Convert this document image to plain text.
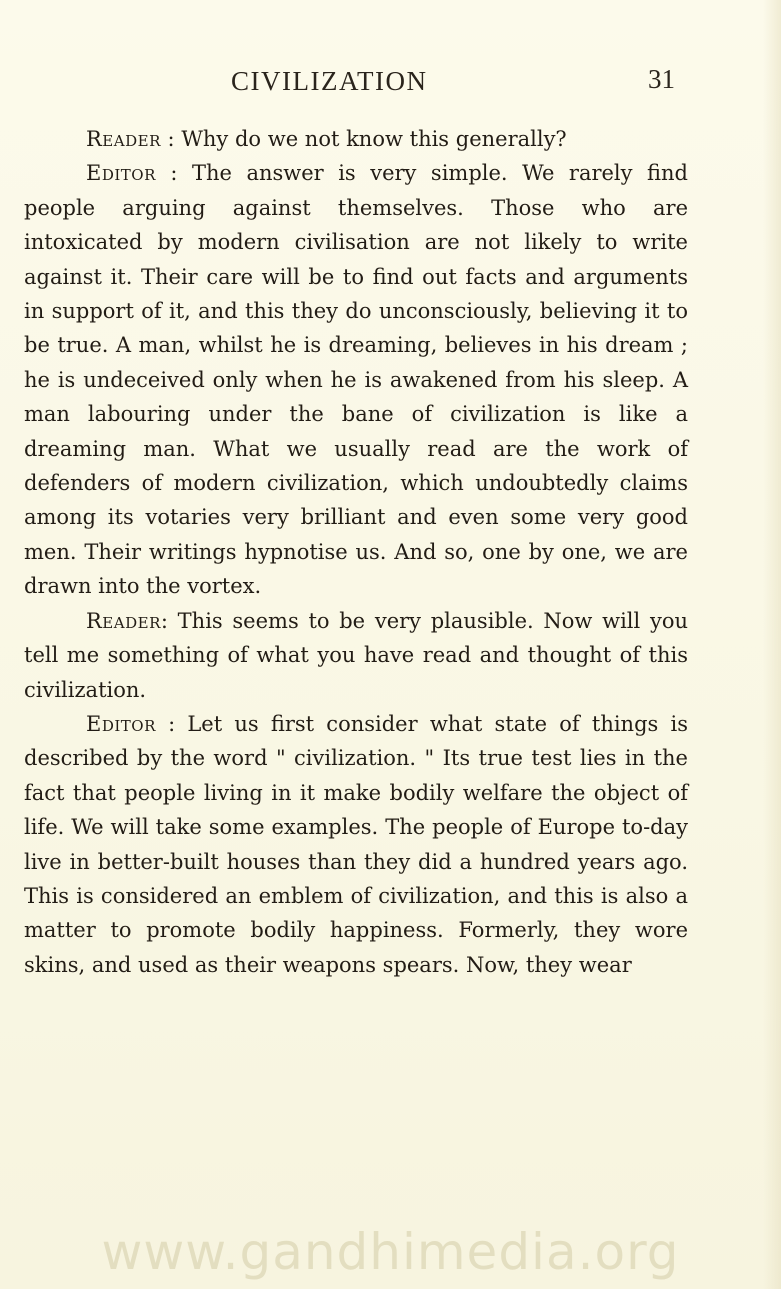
CIVILIZATION	31

Reader : Why do we not know this generally?

Editor : The answer is very simple. We rarely find people arguing against themselves. Those who are intoxicated by modern civilisation are not likely to write against it. Their care will be to find out facts and arguments in support of it, and this they do unconsciously, believing it to be true. A man, whilst he is dreaming, believes in his dream ; he is undeceived only when he is awakened from his sleep. A man labouring under the bane of civilization is like a dreaming man. What we usually read are the work of defenders of modern civilization, which undoubtedly claims among its votaries very brilliant and even some very good men. Their writings hypnotise us. And so, one by one, we are drawn into the vortex.

Reader: This seems to be very plausible. Now will you tell me something of what you have read and thought of this civilization.

Editor : Let us first consider what state of things is described by the word " civilization. " Its true test lies in the fact that people living in it make bodily welfare the object of life. We will take some examples. The people of Europe to-day live in better-built houses than they did a hundred years ago. This is considered an emblem of civilization, and this is also a matter to promote bodily happiness. Formerly, they wore skins, and used as their weapons spears. Now, they wear

www.gandhimedia.org
